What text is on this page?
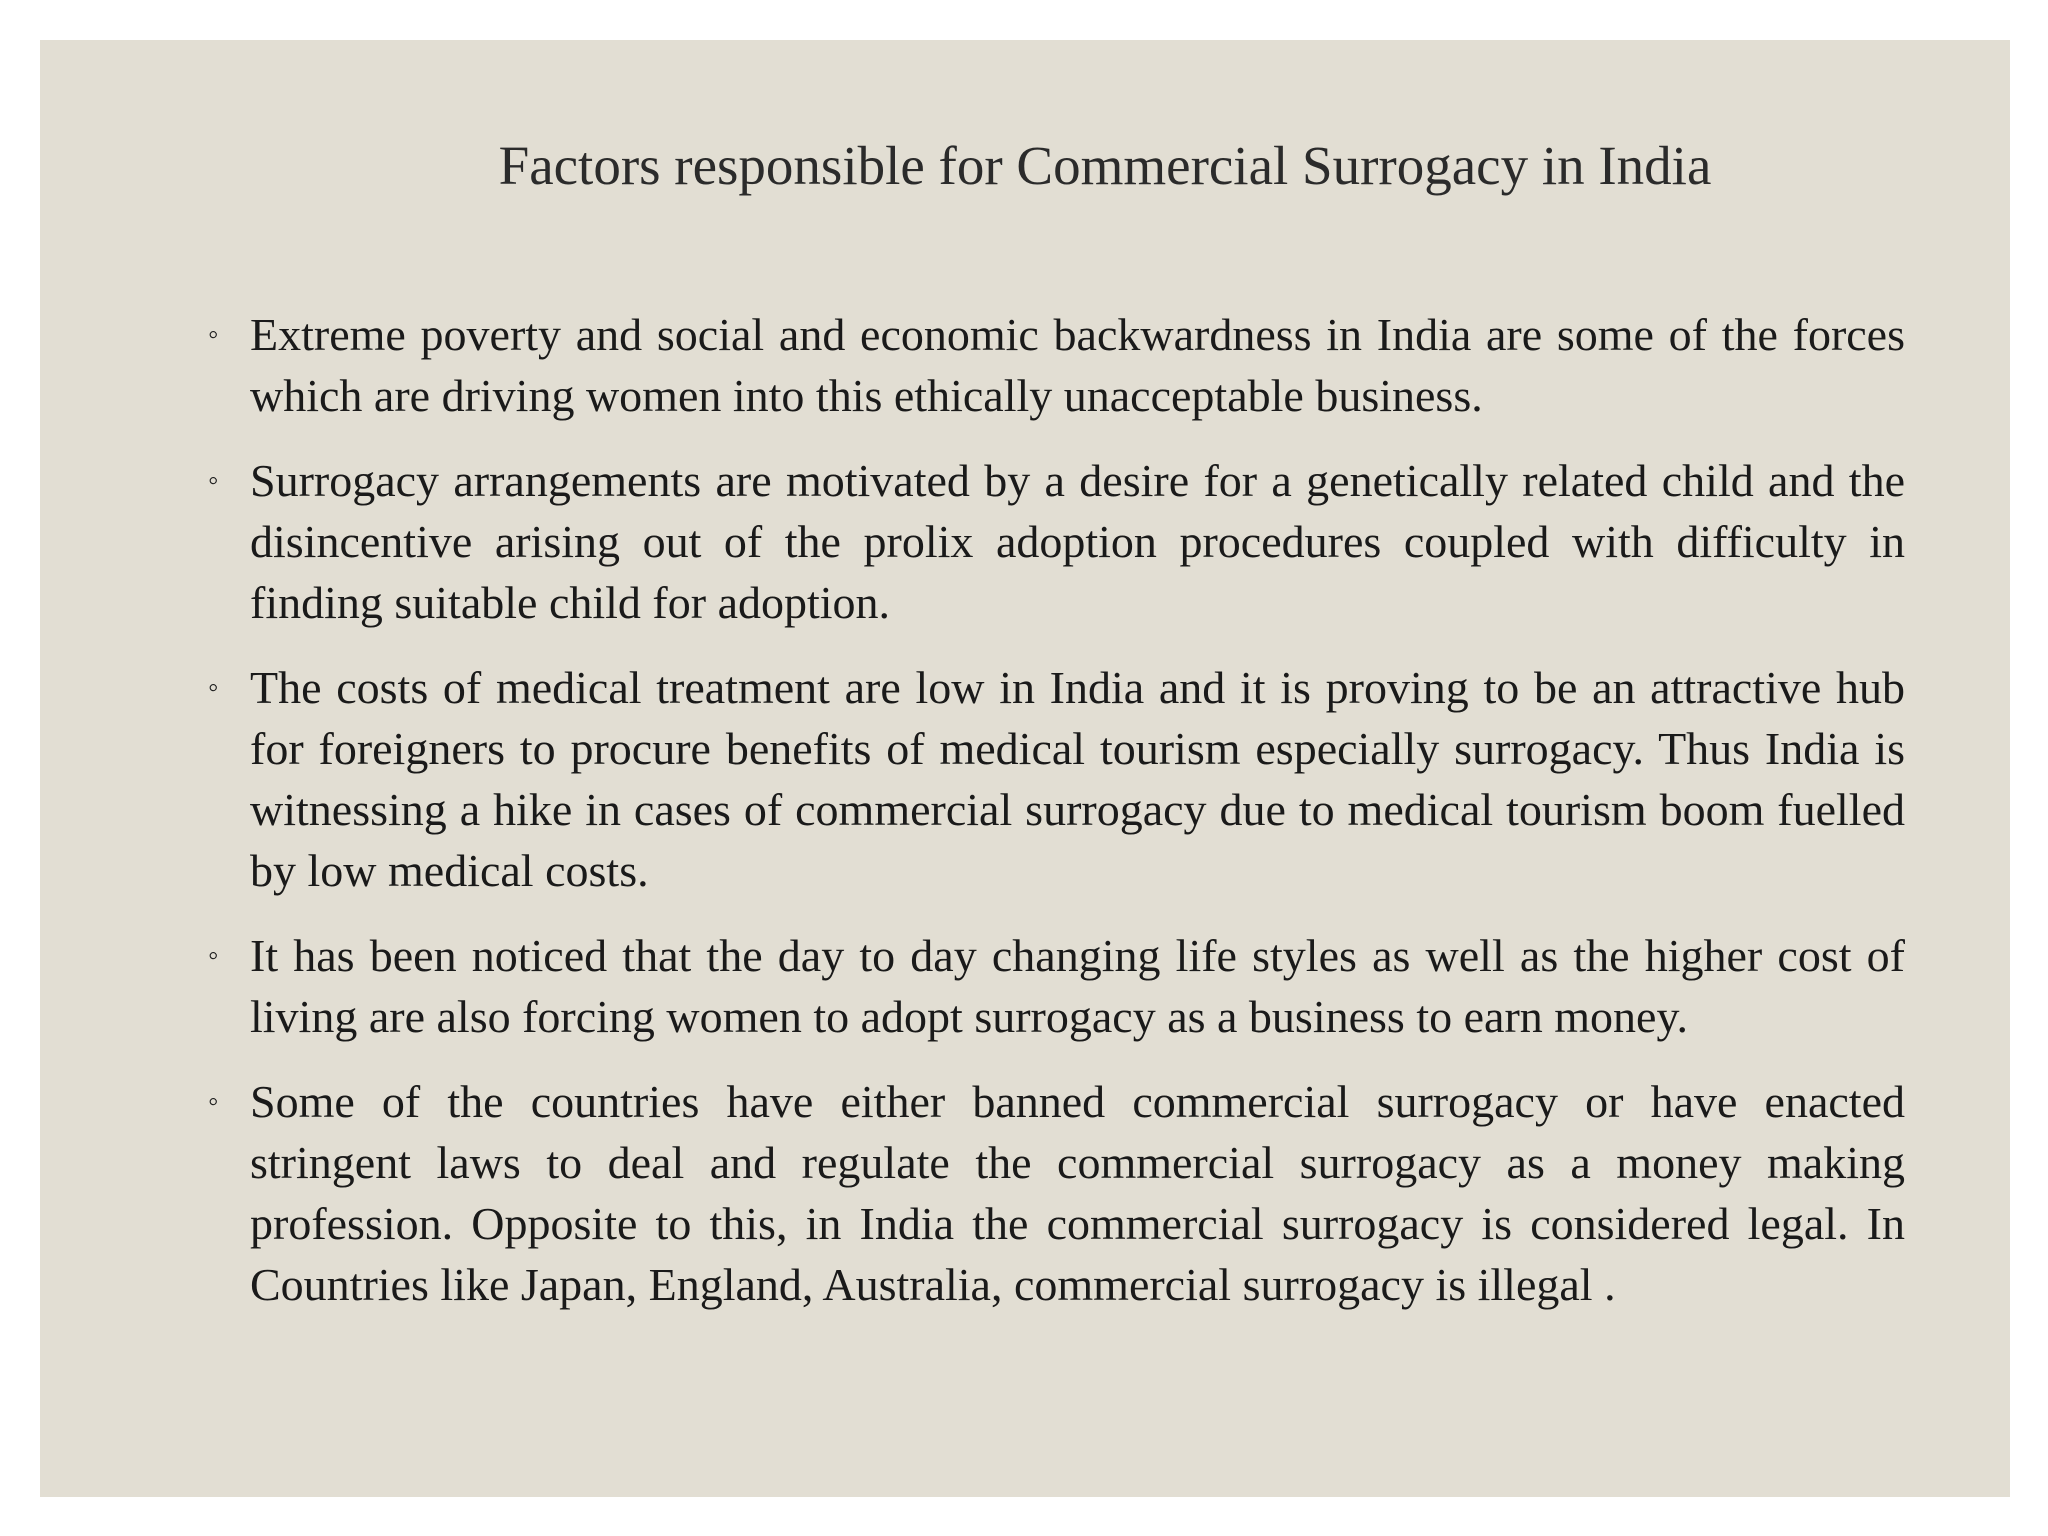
Factors responsible for Commercial Surrogacy in India
◦ Extreme poverty and social and economic backwardness in India are some of the forces which are driving women into this ethically unacceptable business.
◦ Surrogacy arrangements are motivated by a desire for a genetically related child and the disincentive arising out of the prolix adoption procedures coupled with difficulty in finding suitable child for adoption.
◦ The costs of medical treatment are low in India and it is proving to be an attractive hub for foreigners to procure benefits of medical tourism especially surrogacy. Thus India is witnessing a hike in cases of commercial surrogacy due to medical tourism boom fuelled by low medical costs.
◦ It has been noticed that the day to day changing life styles as well as the higher cost of living are also forcing women to adopt surrogacy as a business to earn money.
◦ Some of the countries have either banned commercial surrogacy or have enacted stringent laws to deal and regulate the commercial surrogacy as a money making profession. Opposite to this, in India the commercial surrogacy is considered legal. In Countries like Japan, England, Australia, commercial surrogacy is illegal .
